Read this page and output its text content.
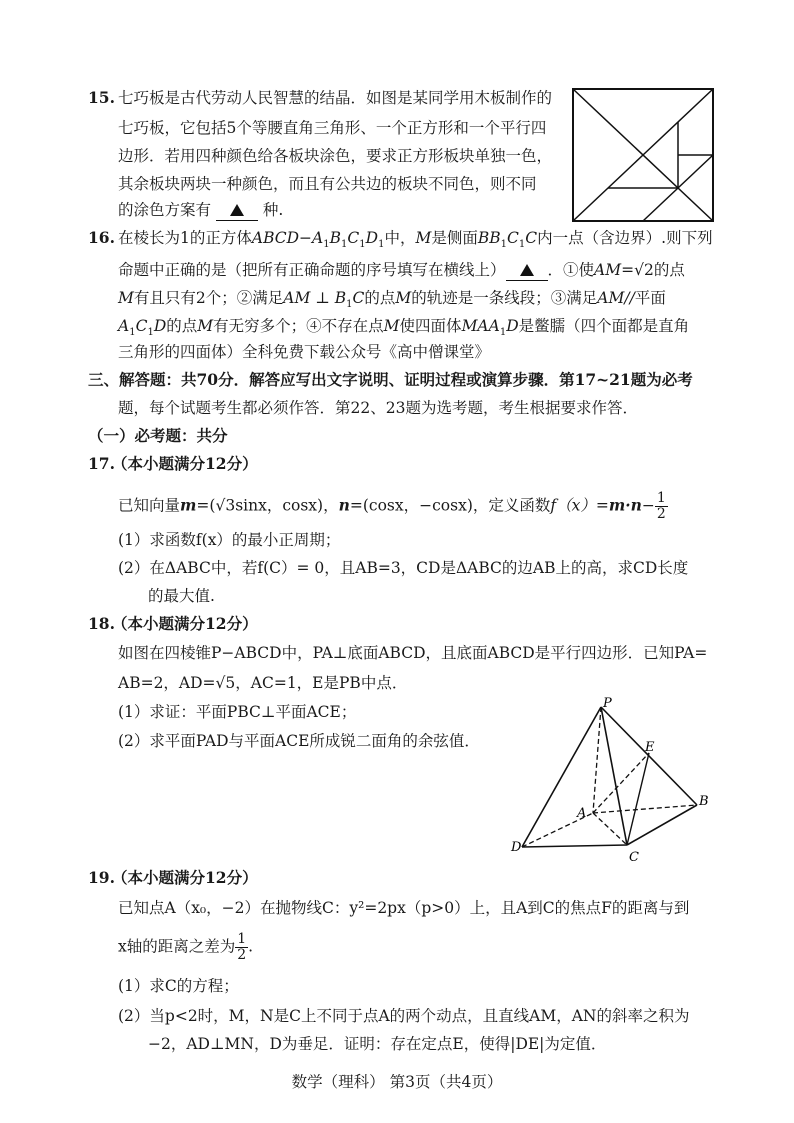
15. 七巧板是古代劳动人民智慧的结晶．如图是某同学用木板制作的
七巧板，它包括5个等腰直角三角形、一个正方形和一个平行四
边形．若用四种颜色给各板块涂色，要求正方形板块单独一色，
其余板块两块一种颜色，而且有公共边的板块不同色，则不同
的涂色方案有	种.
16. 在棱长为1的正方体$ABCD-A_1B_1C_1D_1$中，M是侧面$BB_1C_1C$内一点（含边界）.则下列
命题中正确的是（把所有正确命题的序号填写在横线上）	．①使AM=√2的点
M有且只有2个；②满足AM ⊥ $B_1C$的点M的轨迹是一条线段；③满足AM//平面
$A_1C_1D$的点M有无穷多个；④不存在点M使四面体$MAA_1D$是鳖臑（四个面都是直角
三角形的四面体）全科免费下载公众号《高中僧课堂》
三、解答题：共70分．解答应写出文字说明、证明过程或演算步骤．第17~21题为必考
题，每个试题考生都必须作答．第22、23题为选考题，考生根据要求作答．
（一）必考题：共分
17.
（本小题满分12分）
已知向量m=(√3sinx，cosx)，n=(cosx，−cosx)，定义函数$f(x)=m\cdot n- \frac{1}{2}$
(1）求函数f(x）的最小正周期；
(2）在ΔABC中，若f(C）= 0，且AB=3，CD是ΔABC的边AB上的高，求CD长度
的最大值.
18.
（本小题满分12分）
如图在四棱锥P−ABCD中，PA⊥底面ABCD，且底面ABCD是平行四边形．已知PA=
AB=2，AD=√5，AC=1，E是PB中点．
(1）求证：平面PBC⊥平面ACE；
(2）求平面PAD与平面ACE所成锐二面角的余弦值．
P
E
A
B
C
D
19.
（本小题满分12分）
已知点A（x₀，−2）在抛物线C：y²=2px（p>0）上，且A到C的焦点F的距离与到
x轴的距离之差为 $\frac{1}{2}$ .
(1）求C的方程；
(2）当p<2时，M，N是C上不同于点A的两个动点，且直线AM，AN的斜率之积为
−2，AD⊥MN，D为垂足．证明：存在定点E，使得|DE|为定值．
数学（理科） 第3页（共4页）
